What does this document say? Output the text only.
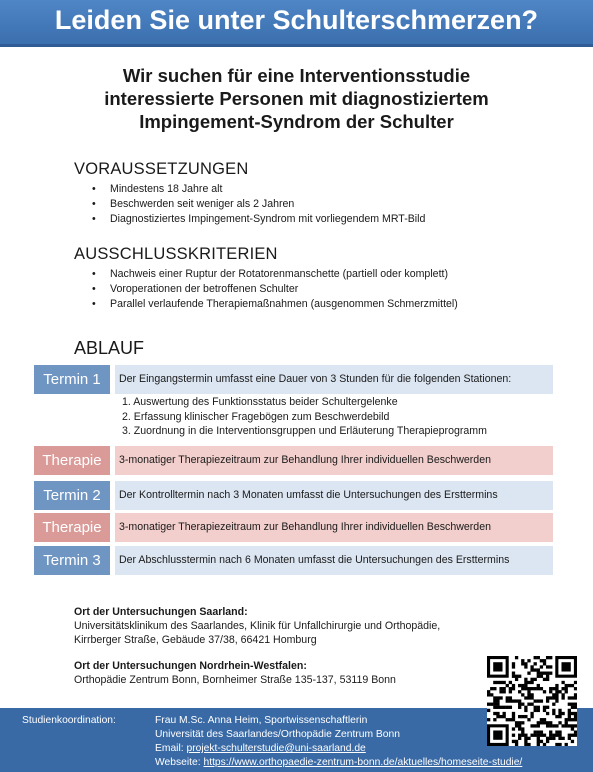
Leiden Sie unter Schulterschmerzen?
Wir suchen für eine Interventionsstudie
interessierte Personen mit diagnostiziertem
Impingement-Syndrom der Schulter
VORAUSSETZUNGEN
• Mindestens 18 Jahre alt
• Beschwerden seit weniger als 2 Jahren
• Diagnostiziertes Impingement-Syndrom mit vorliegendem MRT-Bild
AUSSCHLUSSKRITERIEN
• Nachweis einer Ruptur der Rotatorenmanschette (partiell oder komplett)
• Voroperationen der betroffenen Schulter
• Parallel verlaufende Therapiemaßnahmen (ausgenommen Schmerzmittel)
ABLAUF
Termin 1	Der Eingangstermin umfasst eine Dauer von 3 Stunden für die folgenden Stationen:
1. Auswertung des Funktionsstatus beider Schultergelenke
2. Erfassung klinischer Fragebögen zum Beschwerdebild
3. Zuordnung in die Interventionsgruppen und Erläuterung Therapieprogramm
Therapie	3-monatiger Therapiezeitraum zur Behandlung Ihrer individuellen Beschwerden
Termin 2	Der Kontrolltermin nach 3 Monaten umfasst die Untersuchungen des Ersttermins
Therapie	3-monatiger Therapiezeitraum zur Behandlung Ihrer individuellen Beschwerden
Termin 3	Der Abschlusstermin nach 6 Monaten umfasst die Untersuchungen des Ersttermins
Ort der Untersuchungen Saarland:
Universitätsklinikum des Saarlandes, Klinik für Unfallchirurgie und Orthopädie,
Kirrberger Straße, Gebäude 37/38, 66421 Homburg
Ort der Untersuchungen Nordrhein-Westfalen:
Orthopädie Zentrum Bonn, Bornheimer Straße 135-137, 53119 Bonn
Studienkoordination:	Frau M.Sc. Anna Heim, Sportwissenschaftlerin
Universität des Saarlandes/Orthopädie Zentrum Bonn
Email: projekt-schulterstudie@uni-saarland.de
Webseite: https://www.orthopaedie-zentrum-bonn.de/aktuelles/homeseite-studie/
